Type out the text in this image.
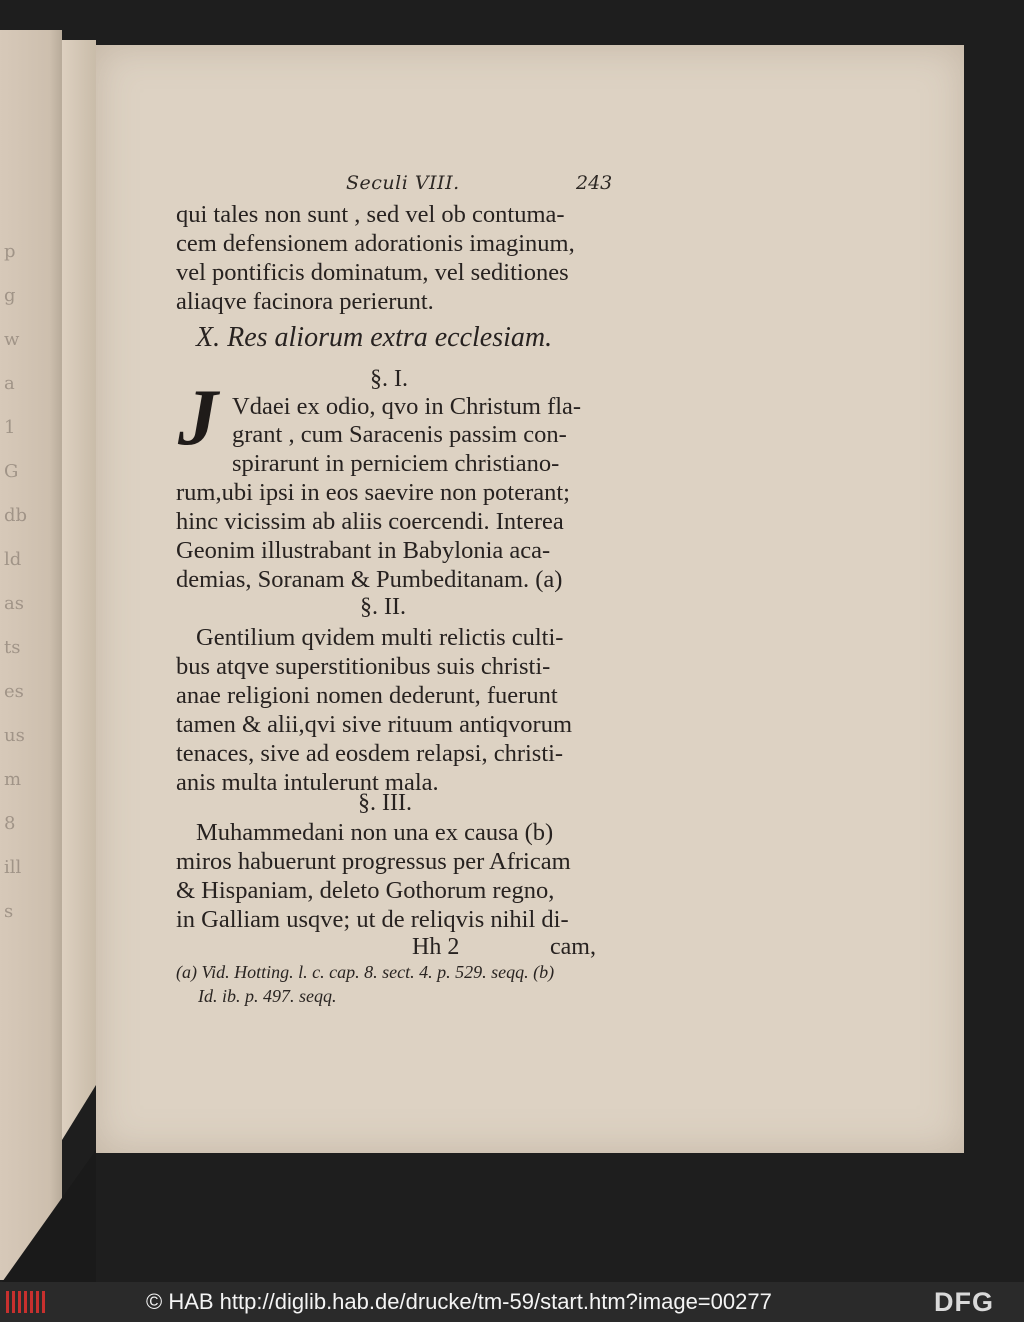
p
g
w
a
1
G
db
ld
as
ts
es
us
m
8
ill
s
Seculi VIII.	243
qui tales non sunt , sed vel ob contuma-
cem defensionem adorationis imaginum,
vel pontificis dominatum, vel seditiones
aliaqve facinora perierunt.
X. Res aliorum extra ecclesiam.
§. I.
J Vdaei ex odio, qvo in Christum fla-
grant , cum Saracenis passim con-
spirarunt in perniciem christiano-
rum,ubi ipsi in eos saevire non poterant;
hinc vicissim ab aliis coercendi. Interea
Geonim illustrabant in Babylonia aca-
demias, Soranam & Pumbeditanam. (a)
§. II.
Gentilium qvidem multi relictis culti-
bus atqve superstitionibus suis christi-
anae religioni nomen dederunt, fuerunt
tamen & alii,qvi sive rituum antiqvorum
tenaces, sive ad eosdem relapsi, christi-
anis multa intulerunt mala.
§. III.
Muhammedani non una ex causa (b)
miros habuerunt progressus per Africam
& Hispaniam, deleto Gothorum regno,
in Galliam usqve; ut de reliqvis nihil di-
Hh 2	cam,
(a) Vid. Hotting. l. c. cap. 8. sect. 4. p. 529. seqq. (b)
Id. ib. p. 497. seqq.
© HAB http://diglib.hab.de/drucke/tm-59/start.htm?image=00277	DFG
